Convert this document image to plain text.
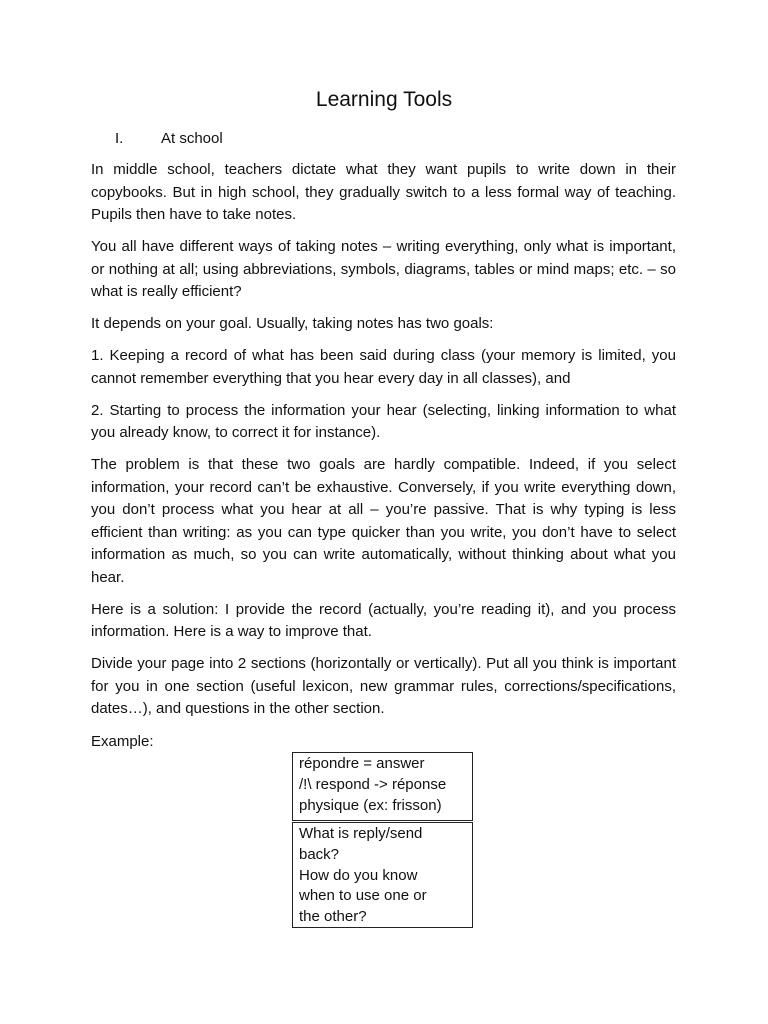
Learning Tools
I.	At school

In middle school, teachers dictate what they want pupils to write down in their copybooks. But in high school, they gradually switch to a less formal way of teaching. Pupils then have to take notes.

You all have different ways of taking notes – writing everything, only what is important, or nothing at all; using abbreviations, symbols, diagrams, tables or mind maps; etc. – so what is really efficient?

It depends on your goal. Usually, taking notes has two goals:

1. Keeping a record of what has been said during class (your memory is limited, you cannot remember everything that you hear every day in all classes), and

2. Starting to process the information your hear (selecting, linking information to what you already know, to correct it for instance).

The problem is that these two goals are hardly compatible. Indeed, if you select information, your record can’t be exhaustive. Conversely, if you write everything down, you don’t process what you hear at all – you’re passive. That is why typing is less efficient than writing: as you can type quicker than you write, you don’t have to select information as much, so you can write automatically, without thinking about what you hear.

Here is a solution: I provide the record (actually, you’re reading it), and you process information. Here is a way to improve that.

Divide your page into 2 sections (horizontally or vertically). Put all you think is important for you in one section (useful lexicon, new grammar rules, corrections/specifications, dates…), and questions in the other section.

Example:
répondre = answer
/!\ respond -> réponse
physique (ex: frisson)
What is reply/send
back?
How do you know
when to use one or
the other?
